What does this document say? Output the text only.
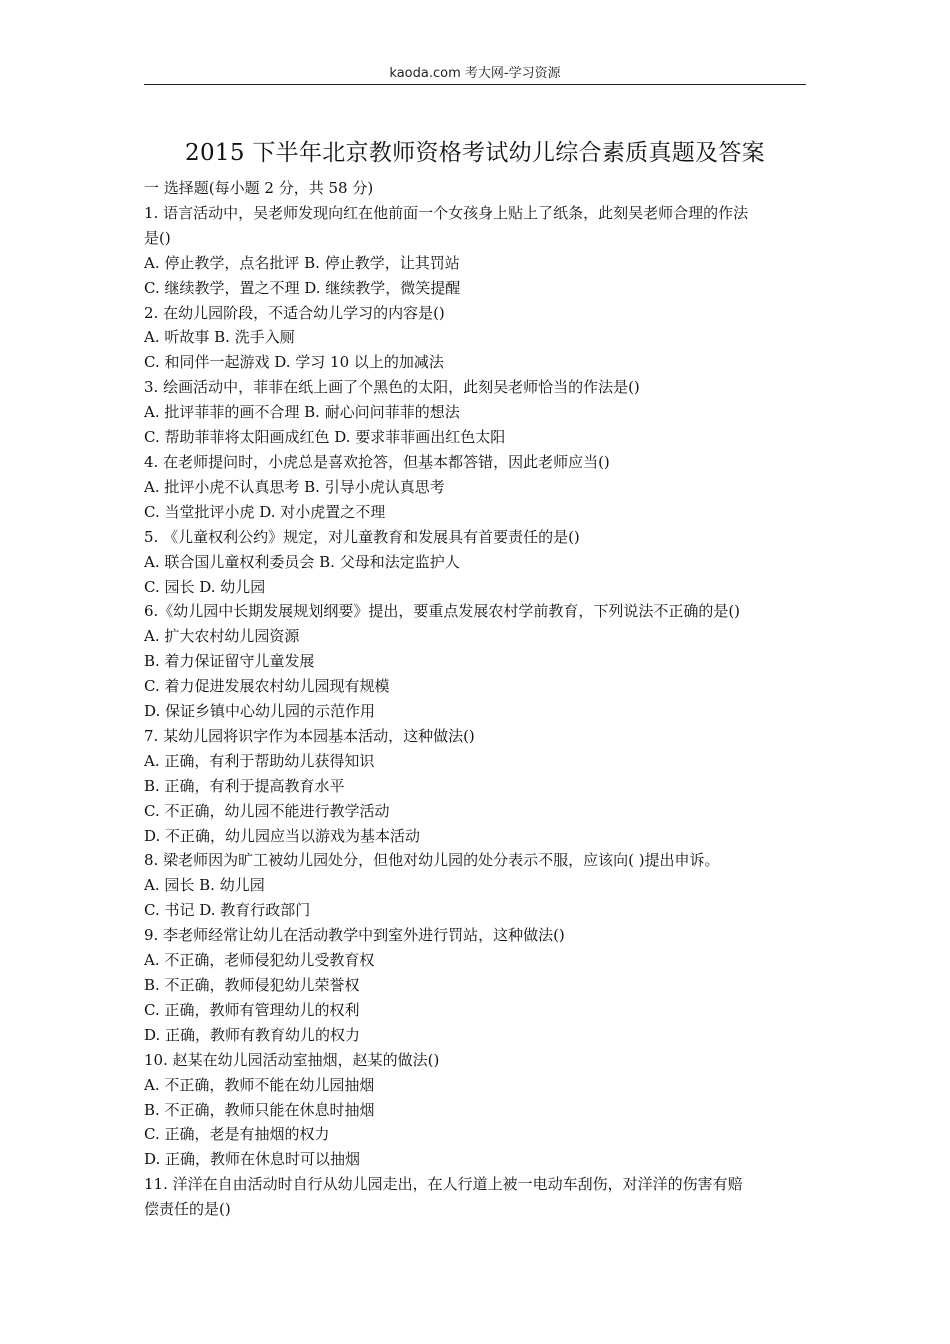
kaoda.com 考大网-学习资源
2015 下半年北京教师资格考试幼儿综合素质真题及答案
一 选择题(每小题 2 分，共 58 分)
1. 语言活动中，吴老师发现向红在他前面一个女孩身上贴上了纸条，此刻吴老师合理的作法
是()
A. 停止教学，点名批评 B. 停止教学，让其罚站
C. 继续教学，置之不理 D. 继续教学，微笑提醒
2. 在幼儿园阶段，不适合幼儿学习的内容是()
A. 听故事 B. 洗手入厕
C. 和同伴一起游戏 D. 学习 10 以上的加减法
3. 绘画活动中，菲菲在纸上画了个黑色的太阳，此刻吴老师恰当的作法是()
A. 批评菲菲的画不合理 B. 耐心问问菲菲的想法
C. 帮助菲菲将太阳画成红色 D. 要求菲菲画出红色太阳
4. 在老师提问时，小虎总是喜欢抢答，但基本都答错，因此老师应当()
A. 批评小虎不认真思考 B. 引导小虎认真思考
C. 当堂批评小虎 D. 对小虎置之不理
5. 《儿童权利公约》规定，对儿童教育和发展具有首要责任的是()
A. 联合国儿童权利委员会 B. 父母和法定监护人
C. 园长 D. 幼儿园
6.《幼儿园中长期发展规划纲要》提出，要重点发展农村学前教育，下列说法不正确的是()
A. 扩大农村幼儿园资源
B. 着力保证留守儿童发展
C. 着力促进发展农村幼儿园现有规模
D. 保证乡镇中心幼儿园的示范作用
7. 某幼儿园将识字作为本园基本活动，这种做法()
A. 正确，有利于帮助幼儿获得知识
B. 正确，有利于提高教育水平
C. 不正确，幼儿园不能进行教学活动
D. 不正确，幼儿园应当以游戏为基本活动
8. 梁老师因为旷工被幼儿园处分，但他对幼儿园的处分表示不服，应该向( )提出申诉。
A. 园长 B. 幼儿园
C. 书记 D. 教育行政部门
9. 李老师经常让幼儿在活动教学中到室外进行罚站，这种做法()
A. 不正确，老师侵犯幼儿受教育权
B. 不正确，教师侵犯幼儿荣誉权
C. 正确，教师有管理幼儿的权利
D. 正确，教师有教育幼儿的权力
10. 赵某在幼儿园活动室抽烟，赵某的做法()
A. 不正确，教师不能在幼儿园抽烟
B. 不正确，教师只能在休息时抽烟
C. 正确，老是有抽烟的权力
D. 正确，教师在休息时可以抽烟
11. 洋洋在自由活动时自行从幼儿园走出，在人行道上被一电动车刮伤，对洋洋的伤害有赔
偿责任的是()
